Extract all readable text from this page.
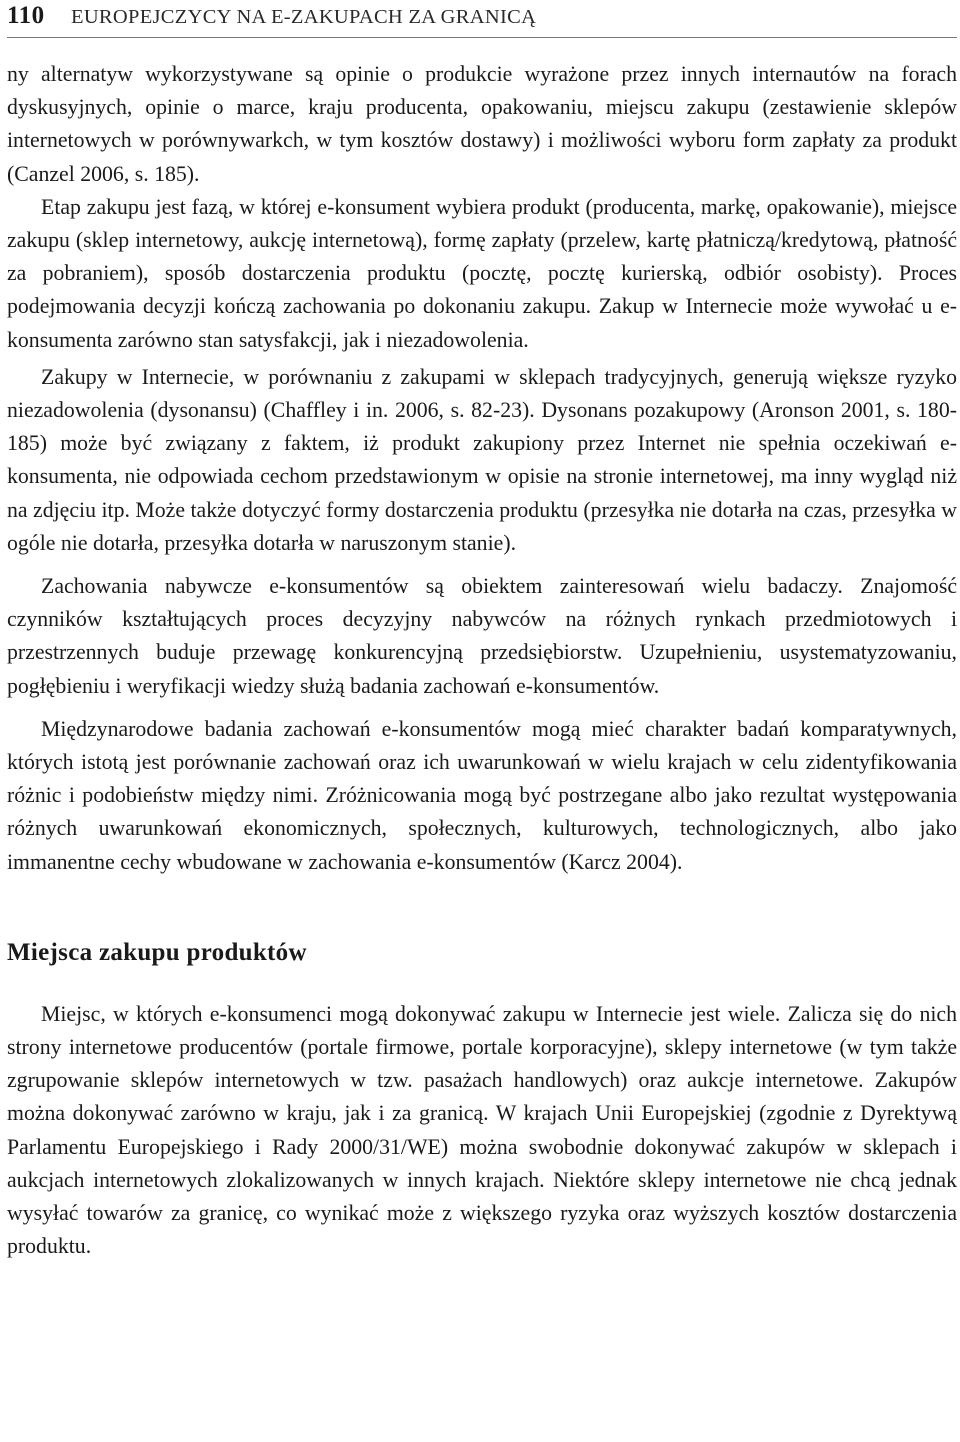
110	EUROPEJCZYCY NA E-ZAKUPACH ZA GRANICĄ

ny alternatyw wykorzystywane są opinie o produkcie wyrażone przez innych internautów na forach dyskusyjnych, opinie o marce, kraju producenta, opakowaniu, miejscu zakupu (zestawienie sklepów internetowych w porównywarkch, w tym kosztów dostawy) i możliwości wyboru form zapłaty za produkt (Canzel 2006, s. 185).

Etap zakupu jest fazą, w której e-konsument wybiera produkt (producenta, markę, opakowanie), miejsce zakupu (sklep internetowy, aukcję internetową), formę zapłaty (przelew, kartę płatniczą/kredytową, płatność za pobraniem), sposób dostarczenia produktu (pocztę, pocztę kurierską, odbiór osobisty). Proces podejmowania decyzji kończą zachowania po dokonaniu zakupu. Zakup w Internecie może wywołać u e-konsumenta zarówno stan satysfakcji, jak i niezadowolenia.

Zakupy w Internecie, w porównaniu z zakupami w sklepach tradycyjnych, generują większe ryzyko niezadowolenia (dysonansu) (Chaffley i in. 2006, s. 82-23). Dysonans pozakupowy (Aronson 2001, s. 180-185) może być związany z faktem, iż produkt zakupiony przez Internet nie spełnia oczekiwań e-konsumenta, nie odpowiada cechom przedstawionym w opisie na stronie internetowej, ma inny wygląd niż na zdjęciu itp. Może także dotyczyć formy dostarczenia produktu (przesyłka nie dotarła na czas, przesyłka w ogóle nie dotarła, przesyłka dotarła w naruszonym stanie).

Zachowania nabywcze e-konsumentów są obiektem zainteresowań wielu badaczy. Znajomość czynników kształtujących proces decyzyjny nabywców na różnych rynkach przedmiotowych i przestrzennych buduje przewagę konkurencyjną przedsiębiorstw. Uzupełnieniu, usystematyzowaniu, pogłębieniu i weryfikacji wiedzy służą badania zachowań e-konsumentów.

Międzynarodowe badania zachowań e-konsumentów mogą mieć charakter badań komparatywnych, których istotą jest porównanie zachowań oraz ich uwarunkowań w wielu krajach w celu zidentyfikowania różnic i podobieństw między nimi. Zróżnicowania mogą być postrzegane albo jako rezultat występowania różnych uwarunkowań ekonomicznych, społecznych, kulturowych, technologicznych, albo jako immanentne cechy wbudowane w zachowania e-konsumentów (Karcz 2004).

Miejsca zakupu produktów

Miejsc, w których e-konsumenci mogą dokonywać zakupu w Internecie jest wiele. Zalicza się do nich strony internetowe producentów (portale firmowe, portale korporacyjne), sklepy internetowe (w tym także zgrupowanie sklepów internetowych w tzw. pasażach handlowych) oraz aukcje internetowe. Zakupów można dokonywać zarówno w kraju, jak i za granicą. W krajach Unii Europejskiej (zgodnie z Dyrektywą Parlamentu Europejskiego i Rady 2000/31/WE) można swobodnie dokonywać zakupów w sklepach i aukcjach internetowych zlokalizowanych w innych krajach. Niektóre sklepy internetowe nie chcą jednak wysyłać towarów za granicę, co wynikać może z większego ryzyka oraz wyższych kosztów dostarczenia produktu.
